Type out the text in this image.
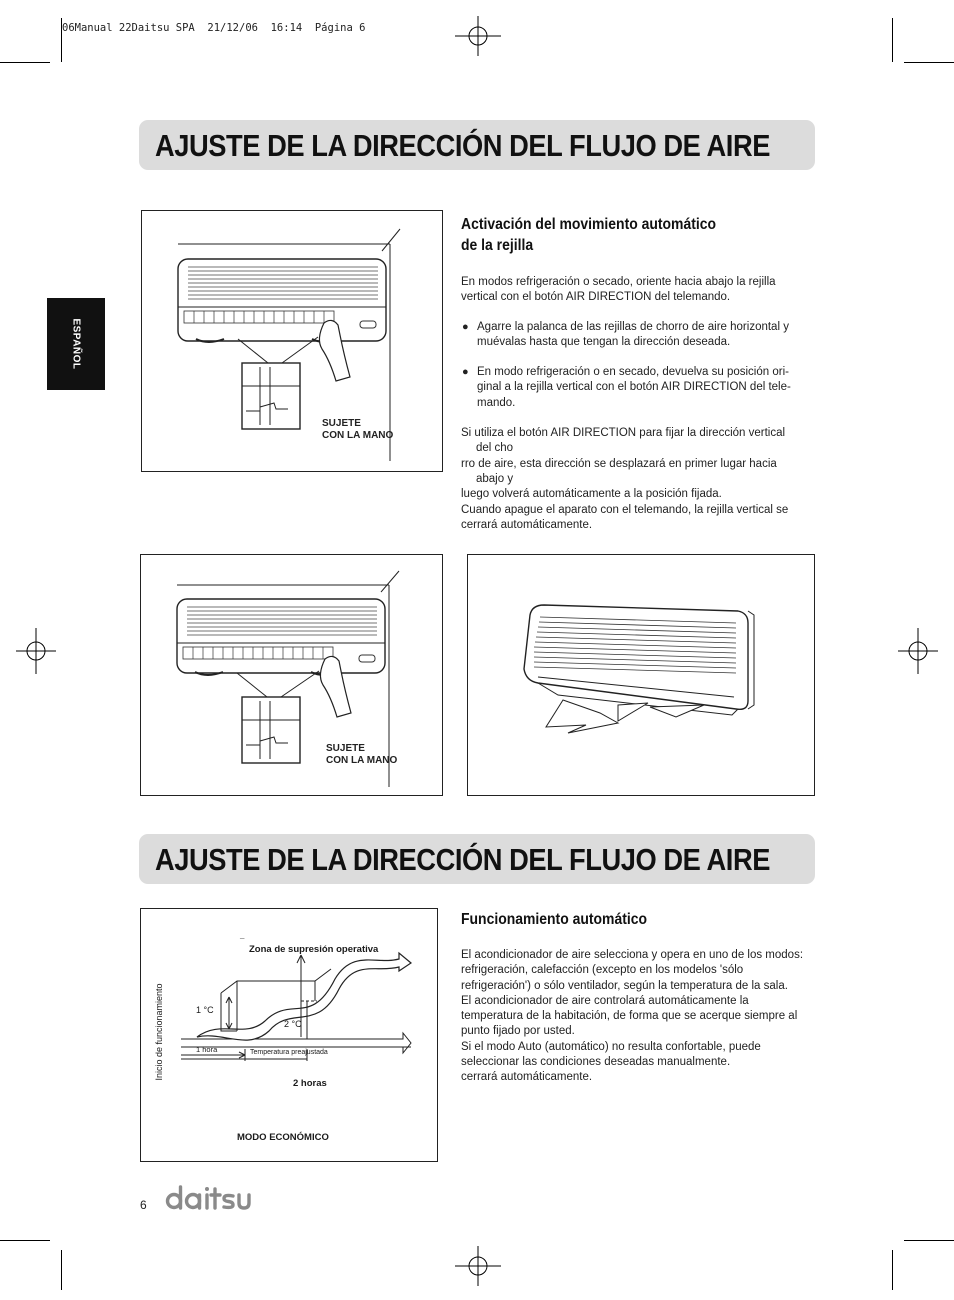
06Manual 22Daitsu SPA  21/12/06  16:14  Página 6
ESPAÑOL
AJUSTE DE LA DIRECCIÓN DEL FLUJO DE AIRE
SUJETE
CON LA MANO
Activación del movimiento automático
de la rejilla

En modos refrigeración o secado, oriente hacia abajo la rejilla vertical con el botón AIR DIRECTION del telemando.

● Agarre la palanca de las rejillas de chorro de aire horizontal y muévalas hasta que tengan la dirección deseada.

● En modo refrigeración o en secado, devuelva su posición ori-ginal a la rejilla vertical con el botón AIR DIRECTION del tele-mando.

Si utiliza el botón AIR DIRECTION para fijar la dirección vertical

del cho

rro de aire, esta dirección se desplazará en primer lugar hacia

abajo y

luego volverá automáticamente a la posición fijada.

Cuando apague el aparato con el telemando, la rejilla vertical se cerrará automáticamente.

SUJETE
CON LA MANO
AJUSTE DE LA DIRECCIÓN DEL FLUJO DE AIRE
¯
Zona de supresión operativa
Inicio de funcionamiento	1 °C
2 °C
1 hora	Temperatura preajustada
2 horas
MODO ECONÓMICO
Funcionamiento automático

El acondicionador de aire selecciona y opera en uno de los modos: refrigeración, calefacción (excepto en los modelos 'sólo refrigeración') o sólo ventilador, según la temperatura de la sala.

El acondicionador de aire controlará automáticamente la temperatura de la habitación, de forma que se acerque siempre al punto fijado por usted.

Si el modo Auto (automático) no resulta confortable, puede seleccionar las condiciones deseadas manualmente.

cerrará automáticamente.

6
